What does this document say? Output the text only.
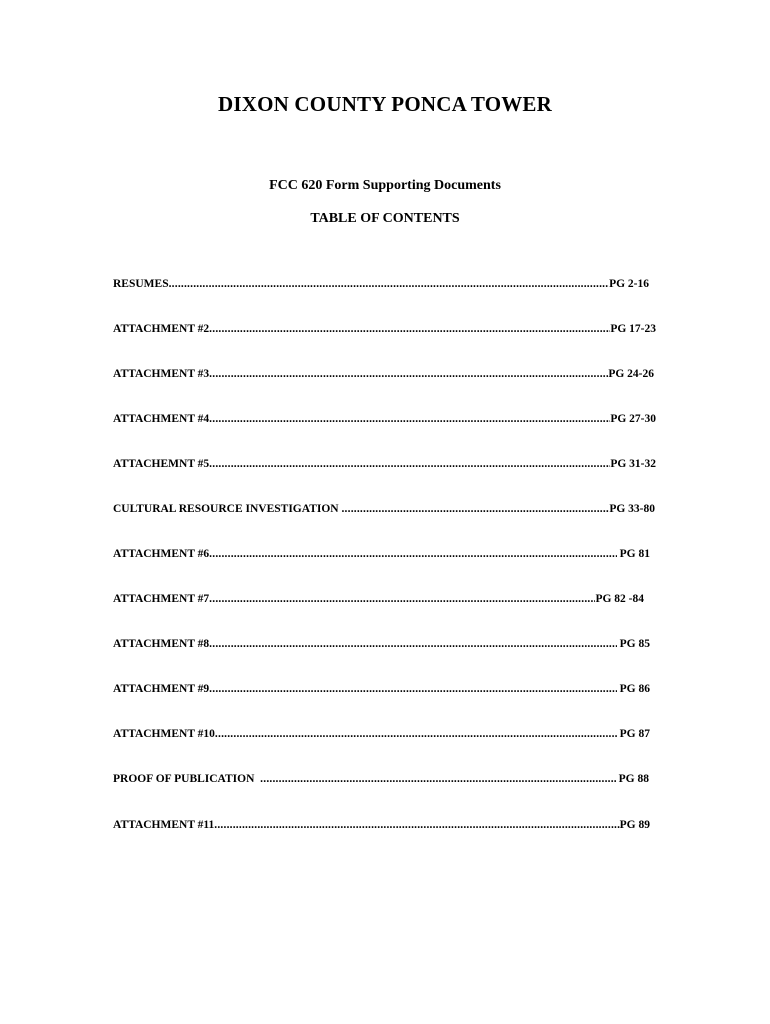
DIXON COUNTY PONCA TOWER
FCC 620 Form Supporting Documents
TABLE OF CONTENTS
RESUMES .....	PG 2-16
ATTACHMENT #2 .....	PG 17-23
ATTACHMENT #3 .....	PG 24-26
ATTACHMENT #4 .....	PG 27-30
ATTACHEMNT #5 .....	PG 31-32
CULTURAL RESOURCE INVESTIGATION .....	PG 33-80
ATTACHMENT #6 .....	PG 81
ATTACHMENT #7 .....	PG 82 -84
ATTACHMENT #8 .....	PG 85
ATTACHMENT #9 .....	PG 86
ATTACHMENT #10 .....	PG 87
PROOF OF PUBLICATION .....	PG 88
ATTACHMENT #11 .....	PG 89
